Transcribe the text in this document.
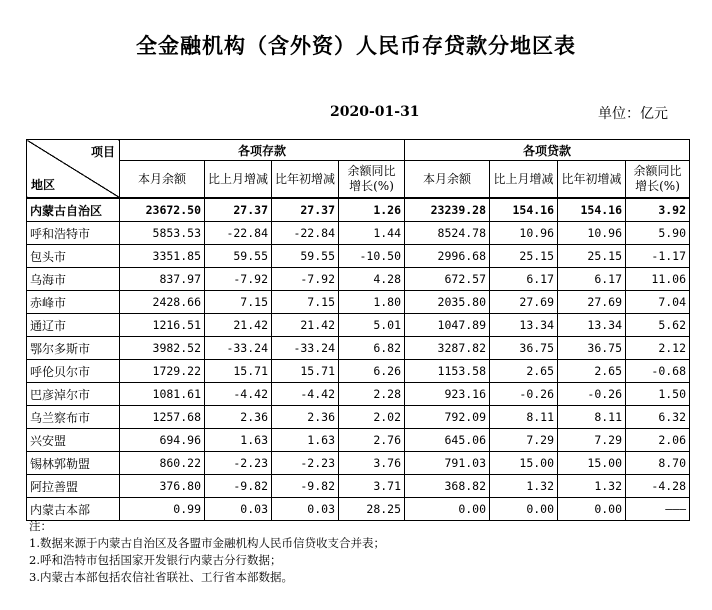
全金融机构（含外资）人民币存贷款分地区表
2020-01-31	单位：亿元
项目
地区	各项存款				各项贷款			
	本月余额	比上月增减	比年初增减	余额同比增长(%)	本月余额	比上月增减	比年初增减	余额同比增长(%)
内蒙古自治区	23672.50	27.37	27.37	1.26	23239.28	154.16	154.16	3.92
呼和浩特市	5853.53	-22.84	-22.84	1.44	8524.78	10.96	10.96	5.90
包头市	3351.85	59.55	59.55	-10.50	2996.68	25.15	25.15	-1.17
乌海市	837.97	-7.92	-7.92	4.28	672.57	6.17	6.17	11.06
赤峰市	2428.66	7.15	7.15	1.80	2035.80	27.69	27.69	7.04
通辽市	1216.51	21.42	21.42	5.01	1047.89	13.34	13.34	5.62
鄂尔多斯市	3982.52	-33.24	-33.24	6.82	3287.82	36.75	36.75	2.12
呼伦贝尔市	1729.22	15.71	15.71	6.26	1153.58	2.65	2.65	-0.68
巴彦淖尔市	1081.61	-4.42	-4.42	2.28	923.16	-0.26	-0.26	1.50
乌兰察布市	1257.68	2.36	2.36	2.02	792.09	8.11	8.11	6.32
兴安盟	694.96	1.63	1.63	2.76	645.06	7.29	7.29	2.06
锡林郭勒盟	860.22	-2.23	-2.23	3.76	791.03	15.00	15.00	8.70
阿拉善盟	376.80	-9.82	-9.82	3.71	368.82	1.32	1.32	-4.28
内蒙古本部	0.99	0.03	0.03	28.25	0.00	0.00	0.00	———
注：
1.数据来源于内蒙古自治区及各盟市金融机构人民币信贷收支合并表；
2.呼和浩特市包括国家开发银行内蒙古分行数据；
3.内蒙古本部包括农信社省联社、工行省本部数据。
